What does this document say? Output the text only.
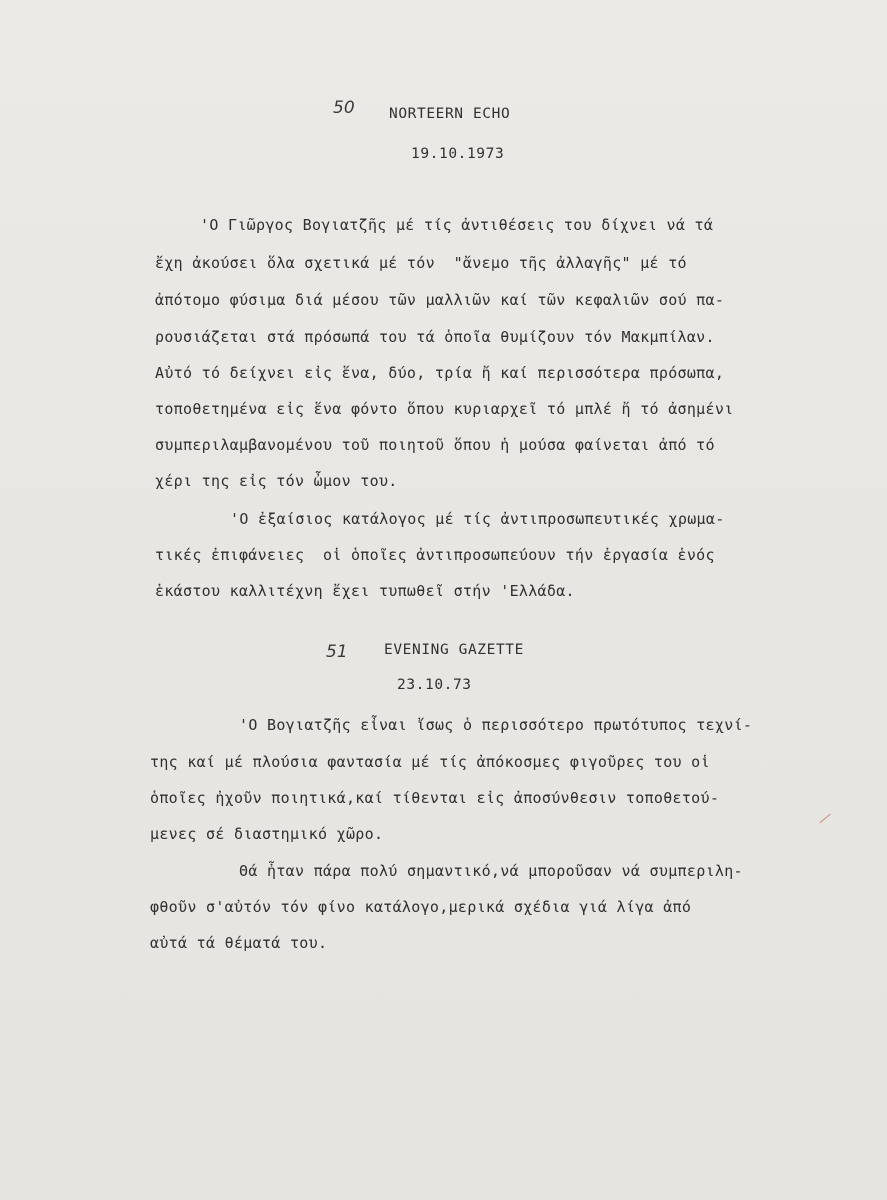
50 NORTEERN ECHO
19.10.1973
'Ο Γιῶργος Βογιατζῆς μέ τίς ἀντιθέσεις του δίχνει νά τά
ἔχη ἀκούσει ὅλα σχετικά μέ τόν  "ἄνεμο τῆς ἀλλαγῆς" μέ τό
ἀπότομο φύσιμα διά μέσου τῶν μαλλιῶν καί τῶν κεφαλιῶν σού πα-
ρουσιάζεται στά πρόσωπά του τά ὁποῖα θυμίζουν τόν Μακμπίλαν.
Αὐτό τό δείχνει εἰς ἕνα, δύο, τρία ἤ καί περισσότερα πρόσωπα,
τοποθετημένα εἰς ἕνα φόντο ὅπου κυριαρχεῖ τό μπλέ ἤ τό ἀσημένι
συμπεριλαμβανομένου τοῦ ποιητοῦ ὅπου ἡ μούσα φαίνεται ἀπό τό
χέρι της εἰς τόν ὦμον του.
'Ο ἐξαίσιος κατάλογος μέ τίς ἀντιπροσωπευτικές χρωμα-
τικές ἐπιφάνειες  οἱ ὁποῖες ἀντιπροσωπεύουν τήν ἐργασία ἑνός
ἑκάστου καλλιτέχνη ἔχει τυπωθεῖ στήν 'Ελλάδα.
51	EVENING GAZETTE
23.10.73
'Ο Βογιατζῆς εἶναι ἴσως ὁ περισσότερο πρωτότυπος τεχνί-
της καί μέ πλούσια φαντασία μέ τίς ἀπόκοσμες φιγοῦρες του οἱ
ὁποῖες ἠχοῦν ποιητικά,καί τίθενται εἰς ἀποσύνθεσιν τοποθετού-
μενες σέ διαστημικό χῶρο.
Θά ἦταν πάρα πολύ σημαντικό,νά μποροῦσαν νά συμπεριλη-
φθοῦν σ'αὐτόν τόν φίνο κατάλογο,μερικά σχέδια γιά λίγα ἀπό
αὐτά τά θέματά του.
